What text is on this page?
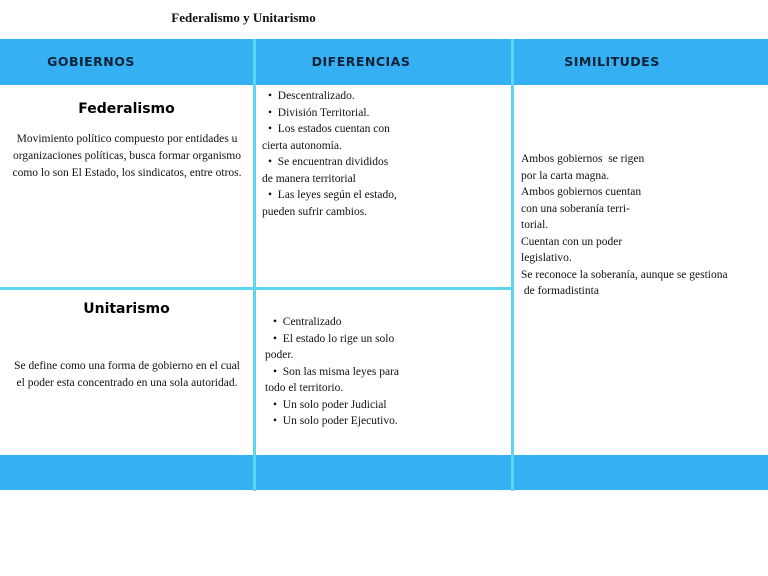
Federalismo y Unitarismo
GOBIERNOS	DIFERENCIAS	SIMILITUDES
Federalismo
Movimiento político compuesto por entidades u
organizaciones políticas, busca formar organismo
como lo son El Estado, los sindicatos, entre otros.
•  Descentralizado.
•  División Territorial.
•  Los estados cuentan con
cierta autonomía.
•  Se encuentran divididos
de manera territorial
•  Las leyes según el estado,
pueden sufrir cambios.
Unitarismo
Se define como una forma de gobierno en el cual
el poder esta concentrado en una sola autoridad.
•  Centralizado
•  El estado lo rige un solo
poder.
•  Son las misma leyes para
todo el territorio.
•  Un solo poder Judicial
•  Un solo poder Ejecutivo.
Ambos gobiernos  se rigen
por la carta magna.
Ambos gobiernos cuentan
con una soberanía terri-
torial.
Cuentan con un poder
legislativo.
Se reconoce la soberanía, aunque se gestiona
de formadistinta
